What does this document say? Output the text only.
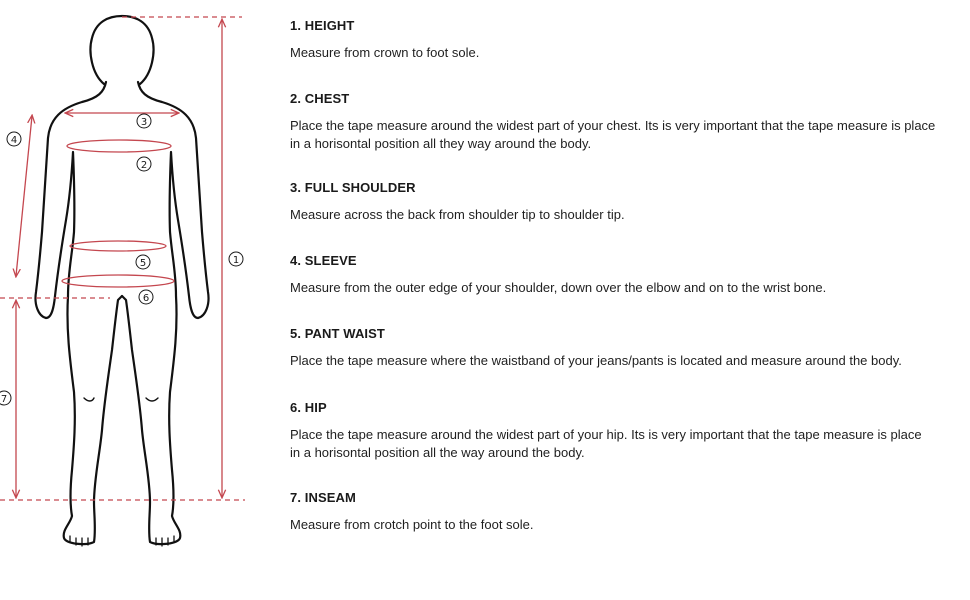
1
2
3
4
5
6
7
1. HEIGHT
Measure from crown to foot sole.
2. CHEST
Place the tape measure around the widest part of your chest. Its is very important that the tape measure is place
in a horisontal position all they way around the body.
3. FULL SHOULDER
Measure across the back from shoulder tip to shoulder tip.
4. SLEEVE
Measure from the outer edge of your shoulder, down over the elbow and on to the wrist bone.
5. PANT WAIST
Place the tape measure where the waistband of your jeans/pants is located and measure around the body.
6. HIP
Place the tape measure around the widest part of your hip. Its is very important that the tape measure is place
in a horisontal position all the way around the body.
7. INSEAM
Measure from crotch point to the foot sole.
